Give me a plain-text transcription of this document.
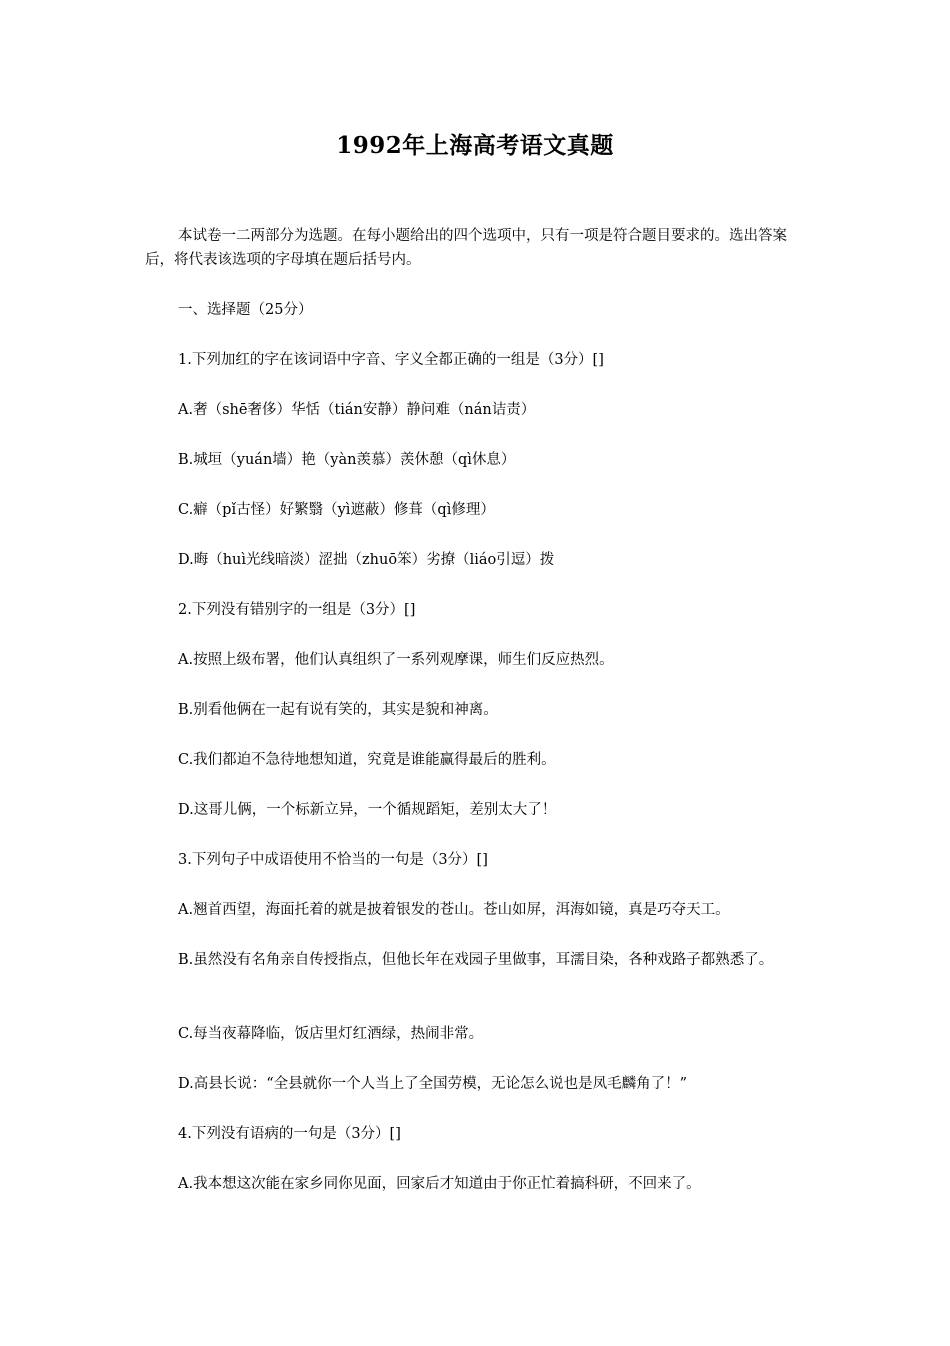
1992年上海高考语文真题
本试卷一二两部分为选题。在每小题给出的四个选项中，只有一项是符合题目要求的。选出答案后，将代表该选项的字母填在题后括号内。
一、选择题（25分）
1.下列加红的字在该词语中字音、字义全都正确的一组是（3分）[]
A.奢（shē奢侈）华恬（tián安静）静问难（nán诘责）
B.城垣（yuán墙）艳（yàn羡慕）羡休憩（qì休息）
C.癖（pǐ古怪）好繁翳（yì遮蔽）修葺（qì修理）
D.晦（huì光线暗淡）涩拙（zhuō笨）劣撩（liáo引逗）拨
2.下列没有错别字的一组是（3分）[]
A.按照上级布署，他们认真组织了一系列观摩课，师生们反应热烈。
B.别看他俩在一起有说有笑的，其实是貌和神离。
C.我们都迫不急待地想知道，究竟是谁能赢得最后的胜利。
D.这哥儿俩，一个标新立异，一个循规蹈矩，差别太大了！
3.下列句子中成语使用不恰当的一句是（3分）[]
A.翘首西望，海面托着的就是披着银发的苍山。苍山如屏，洱海如镜，真是巧夺天工。
B.虽然没有名角亲自传授指点，但他长年在戏园子里做事，耳濡目染，各种戏路子都熟悉了。
C.每当夜幕降临，饭店里灯红酒绿，热闹非常。
D.高县长说：“全县就你一个人当上了全国劳模，无论怎么说也是凤毛麟角了！”
4.下列没有语病的一句是（3分）[]
A.我本想这次能在家乡同你见面，回家后才知道由于你正忙着搞科研，不回来了。
